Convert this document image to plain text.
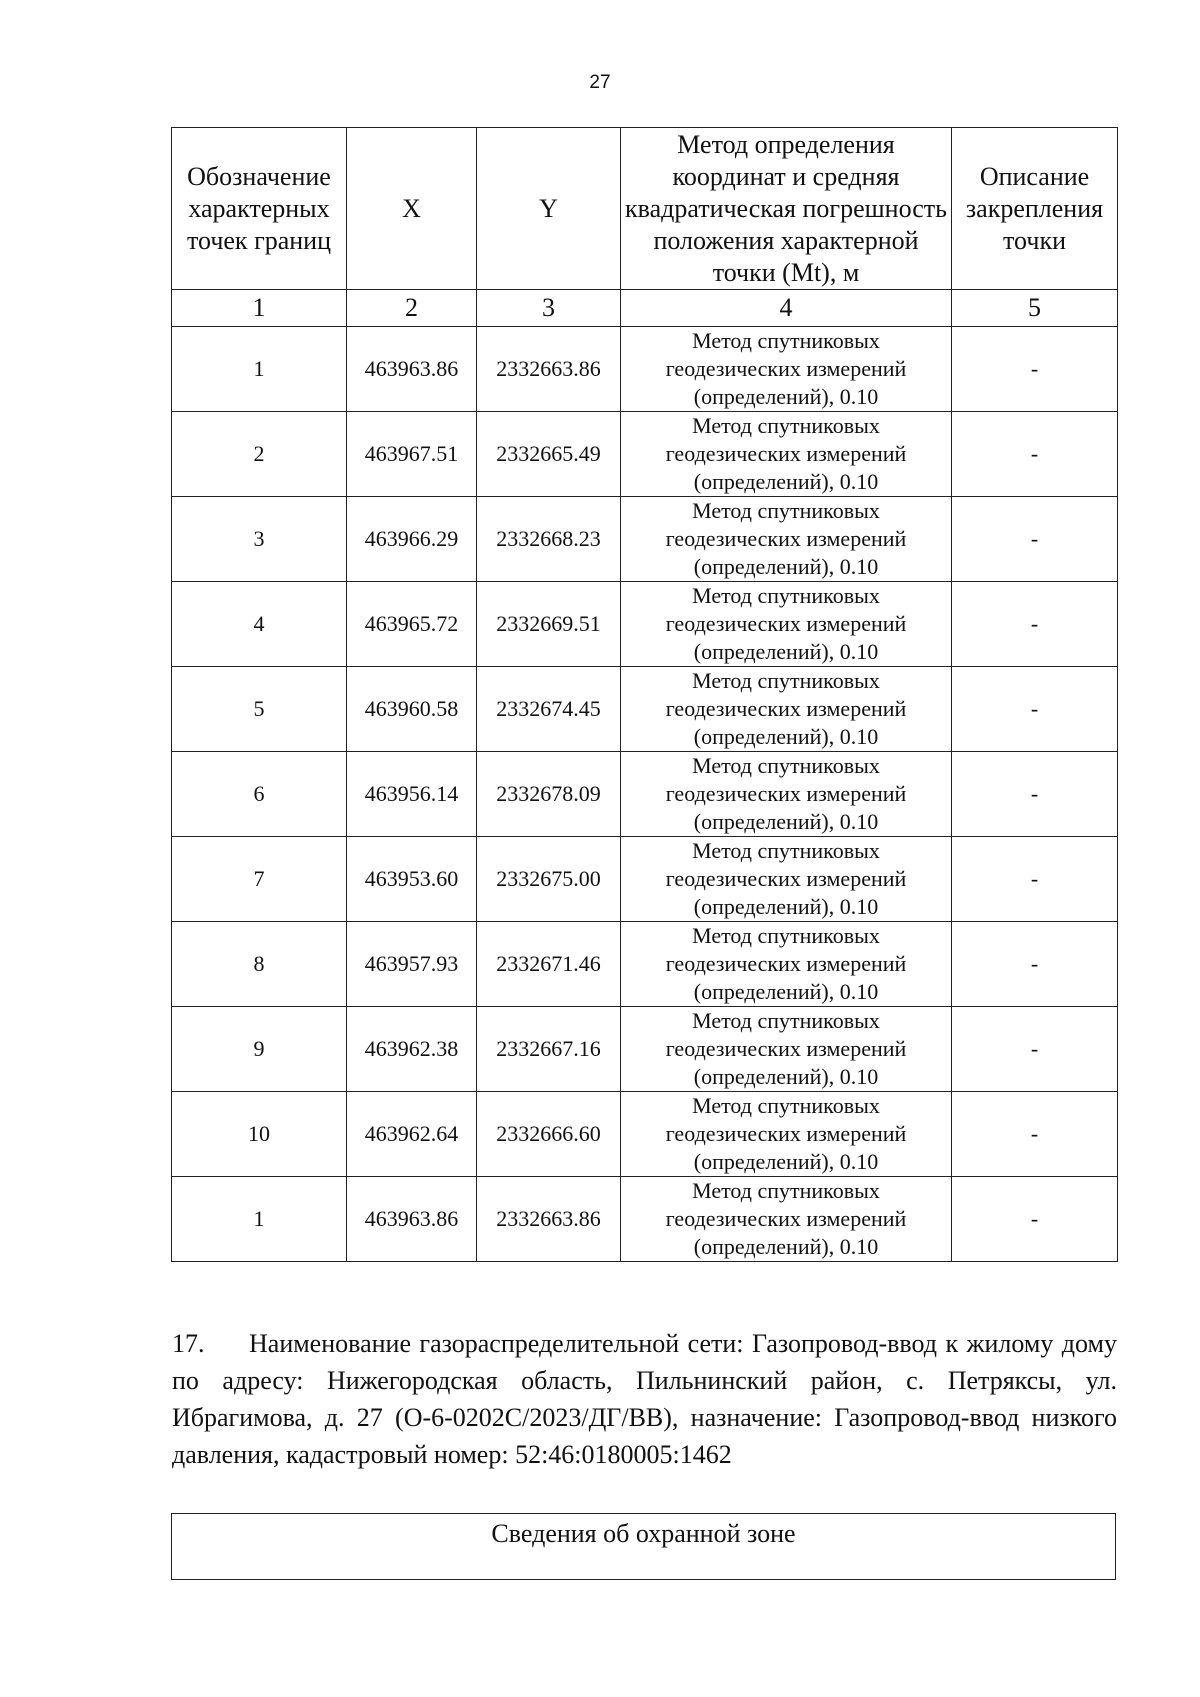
27
Обозначение характерных точек границ	X	Y	Метод определения координат и средняя квадратическая погрешность положения характерной точки (Mt), м	Описание закрепления точки
1	2	3	4	5
1	463963.86	2332663.86	Метод спутниковых
геодезических измерений
(определений), 0.10	-
2	463967.51	2332665.49	Метод спутниковых
геодезических измерений
(определений), 0.10	-
3	463966.29	2332668.23	Метод спутниковых
геодезических измерений
(определений), 0.10	-
4	463965.72	2332669.51	Метод спутниковых
геодезических измерений
(определений), 0.10	-
5	463960.58	2332674.45	Метод спутниковых
геодезических измерений
(определений), 0.10	-
6	463956.14	2332678.09	Метод спутниковых
геодезических измерений
(определений), 0.10	-
7	463953.60	2332675.00	Метод спутниковых
геодезических измерений
(определений), 0.10	-
8	463957.93	2332671.46	Метод спутниковых
геодезических измерений
(определений), 0.10	-
9	463962.38	2332667.16	Метод спутниковых
геодезических измерений
(определений), 0.10	-
10	463962.64	2332666.60	Метод спутниковых
геодезических измерений
(определений), 0.10	-
1	463963.86	2332663.86	Метод спутниковых
геодезических измерений
(определений), 0.10	-
17. Наименование газораспределительной сети: Газопровод-ввод к жилому дому по адресу: Нижегородская область, Пильнинский район, с. Петряксы, ул. Ибрагимова, д. 27 (О-6-0202С/2023/ДГ/ВВ), назначение: Газопровод-ввод низкого давления, кадастровый номер: 52:46:0180005:1462
Сведения об охранной зоне
